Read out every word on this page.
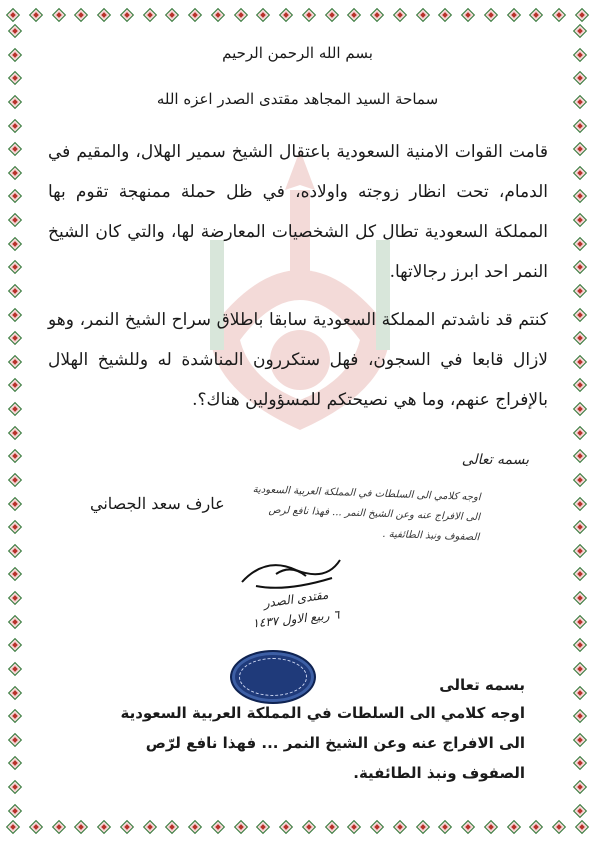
بسم الله الرحمن الرحيم
سماحة السيد المجاهد مقتدى الصدر اعزه الله
قامت القوات الامنية السعودية باعتقال الشيخ سمير الهلال، والمقيم في الدمام، تحت انظار زوجته واولاده، في ظل حملة ممنهجة تقوم بها المملكة السعودية تطال كل الشخصيات المعارضة لها، والتي كان الشيخ النمر احد ابرز رجالاتها.
كنتم قد ناشدتم المملكة السعودية سابقا باطلاق سراح الشيخ النمر، وهو لازال قابعا في السجون، فهل ستكررون المناشدة له وللشيخ الهلال بالإفراج عنهم، وما هي نصيحتكم للمسؤولين هناك؟.
بسمه تعالى
عارف سعد الجصاني
اوجه كلامي الى السلطات في المملكة العربية السعودية الى الافراج عنه وعن الشيخ النمر ... فهذا نافع لرص الصفوف ونبذ الطائفية .
مقتدى الصدر
٦ ربيع الاول ١٤٣٧
بسمه تعالى
اوجه كلامي الى السلطات في المملكة العربية السعودية
الى الافراج عنه وعن الشيخ النمر ... فهذا نافع لرّص
الصفوف ونبذ الطائفية.
